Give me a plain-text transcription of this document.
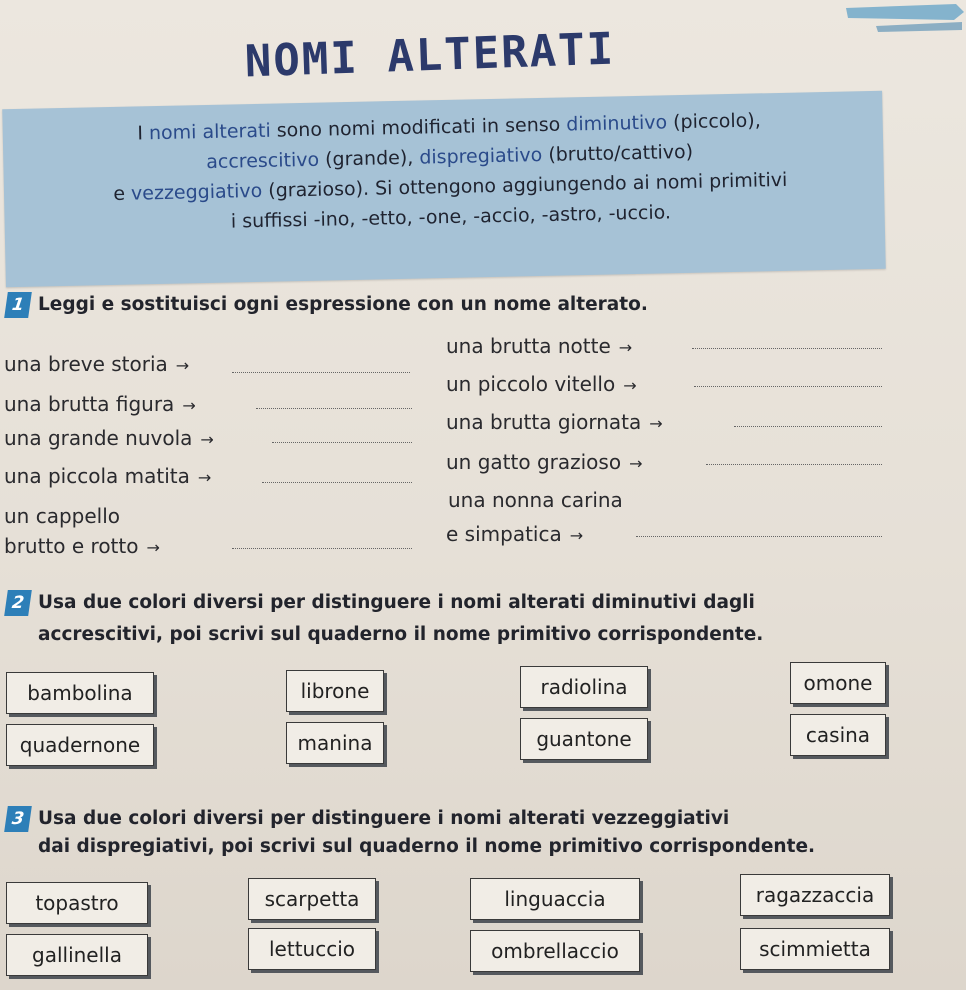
NOMI ALTERATI
I nomi alterati sono nomi modificati in senso diminutivo (piccolo),
accrescitivo (grande), dispregiativo (brutto/cattivo)
e vezzeggiativo (grazioso). Si ottengono aggiungendo ai nomi primitivi
i suffissi -ino, -etto, -one, -accio, -astro, -uccio.
1 Leggi e sostituisci ogni espressione con un nome alterato.
una breve storia →
una brutta figura →
una grande nuvola →
una piccola matita →
un cappello
brutto e rotto →
una brutta notte →
un piccolo vitello →
una brutta giornata →
un gatto grazioso →
una nonna carina
e simpatica →
2 Usa due colori diversi per distinguere i nomi alterati diminutivi dagli
accrescitivi, poi scrivi sul quaderno il nome primitivo corrispondente.
bambolina	librone	radiolina	omone
quadernone	manina	guantone	casina
3 Usa due colori diversi per distinguere i nomi alterati vezzeggiativi
dai dispregiativi, poi scrivi sul quaderno il nome primitivo corrispondente.
topastro	scarpetta	linguaccia	ragazzaccia
gallinella	lettuccio	ombrellaccio	scimmietta
